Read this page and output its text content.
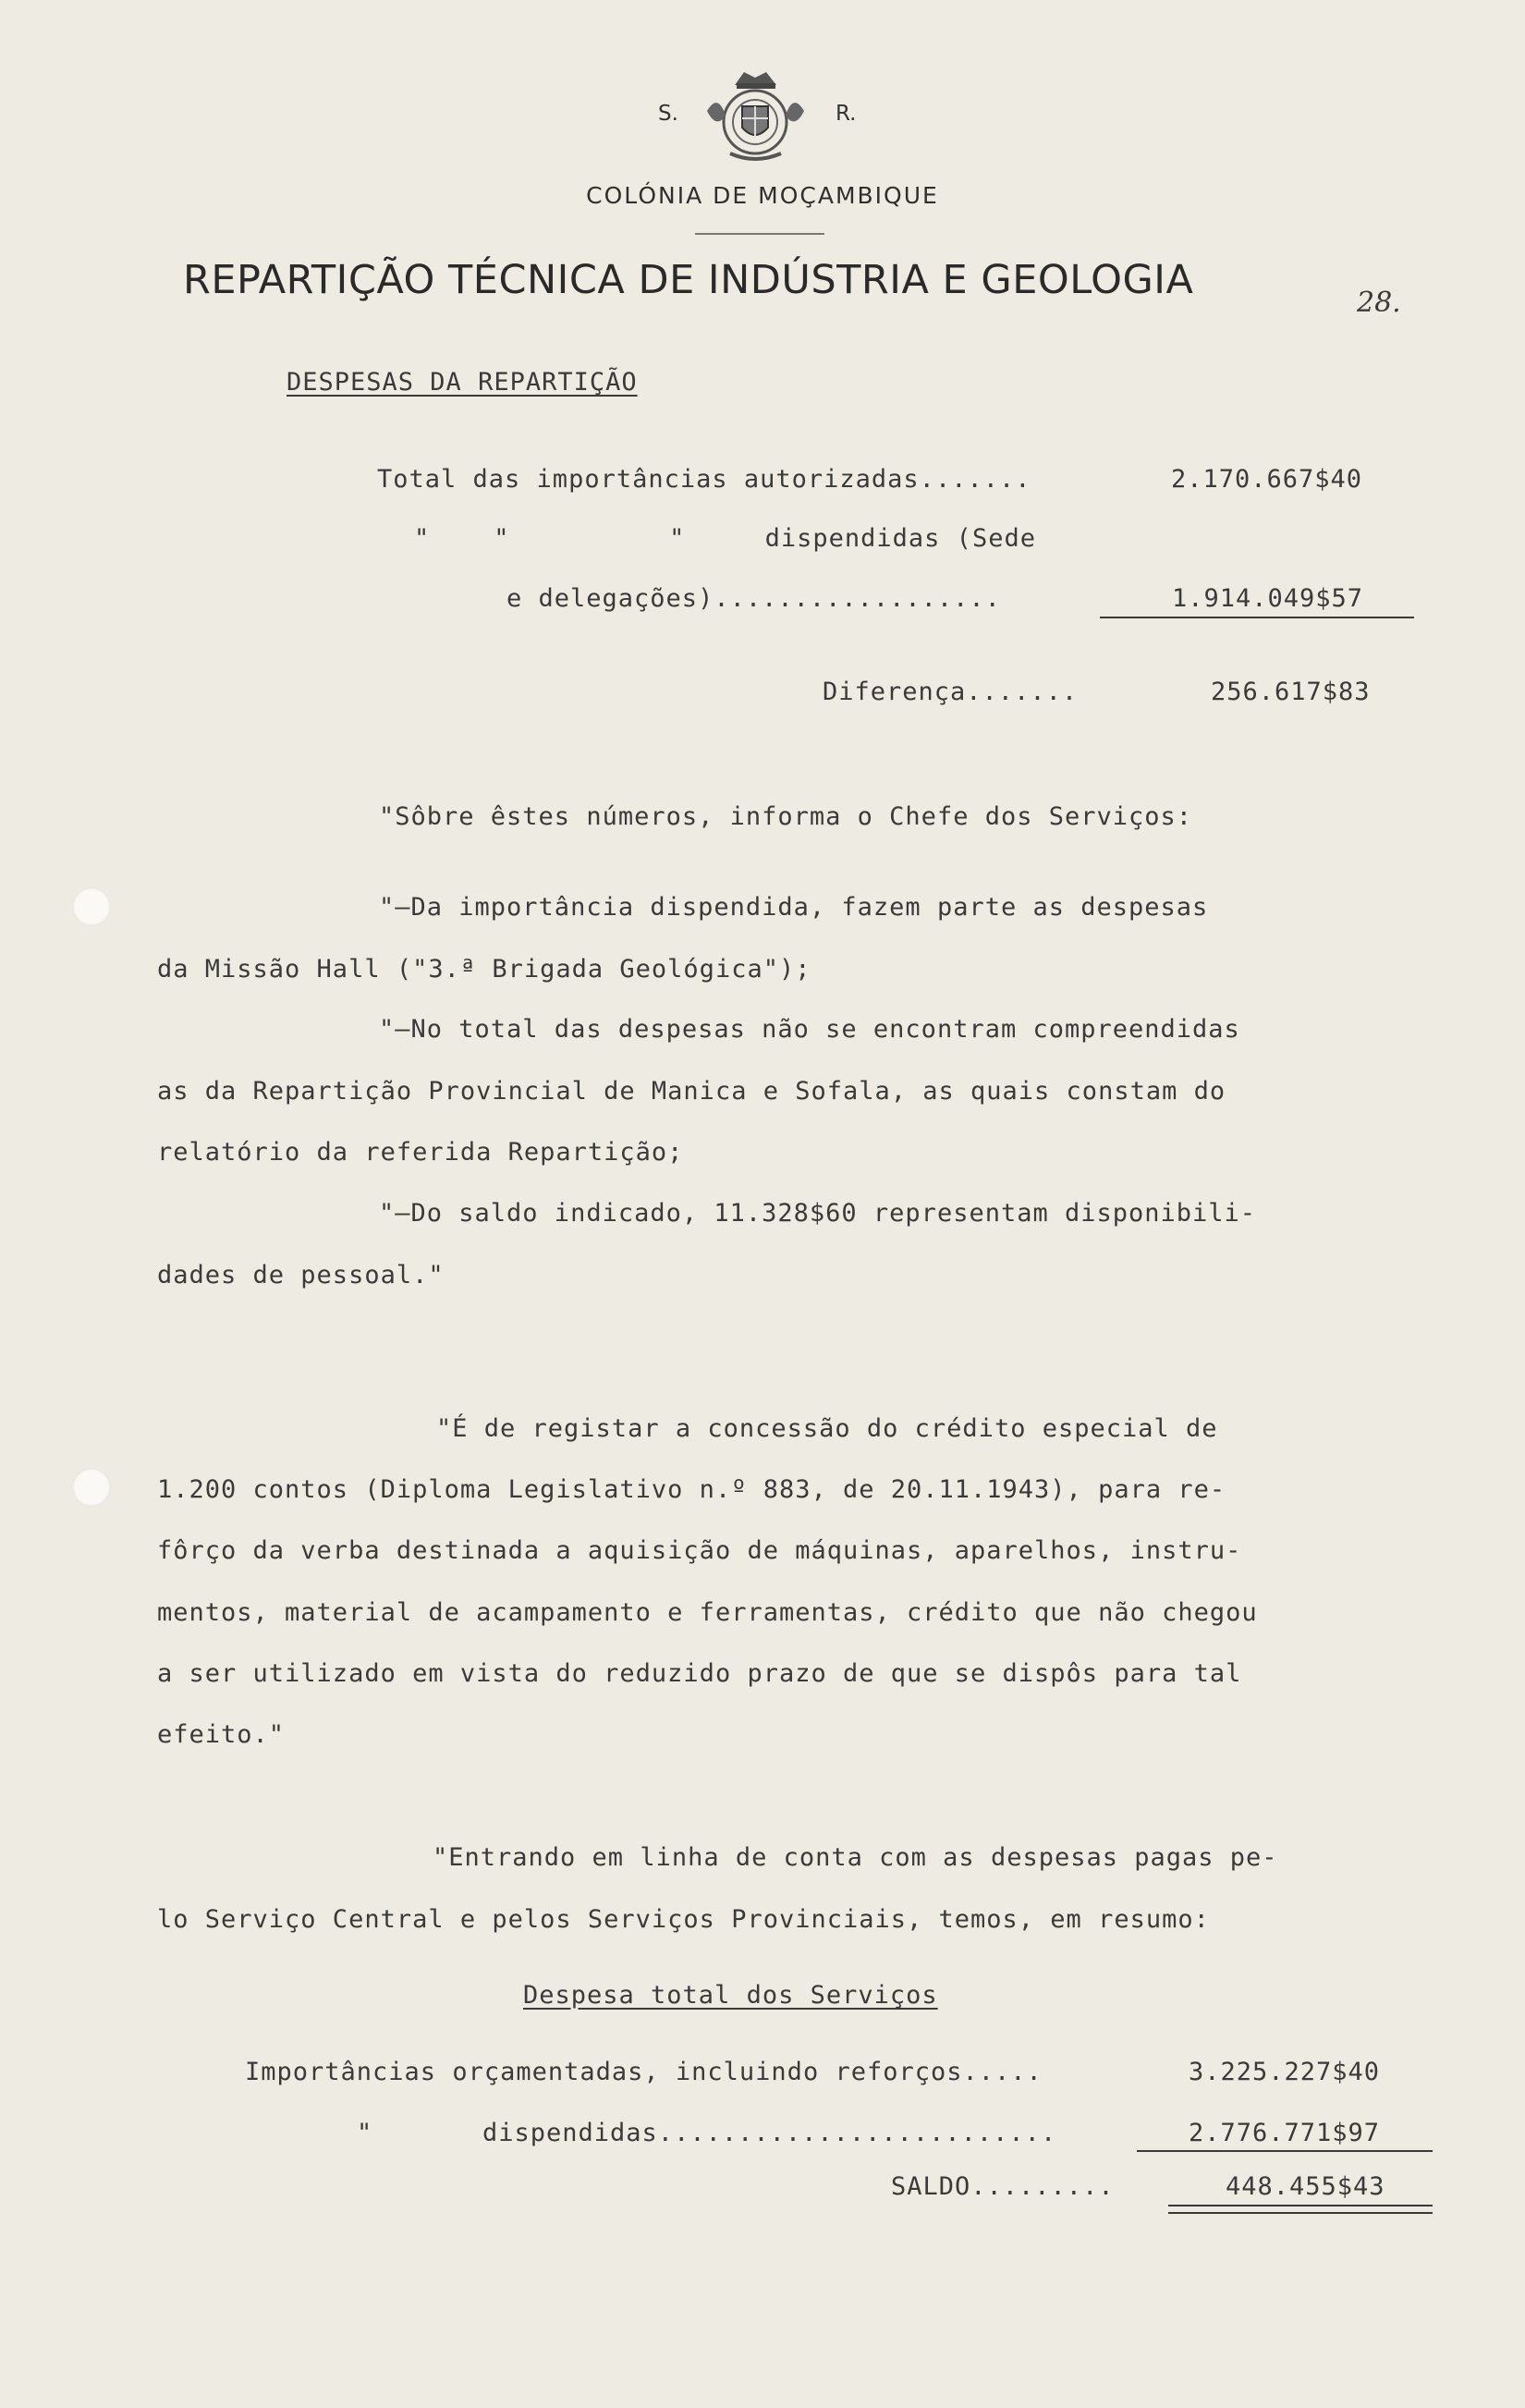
S.	R.
COLÓNIA DE MOÇAMBIQUE
REPARTIÇÃO TÉCNICA DE INDÚSTRIA E GEOLOGIA	28.
DESPESAS DA REPARTIÇÃO
Total das importâncias autorizadas.......	2.170.667$40
"    "          "     dispendidas (Sede
e delegações)..................	1.914.049$57
Diferença.......	256.617$83
"Sôbre êstes números, informa o Chefe dos Serviços:
"—Da importância dispendida, fazem parte as despesas
da Missão Hall ("3.ª Brigada Geológica");
"—No total das despesas não se encontram compreendidas
as da Repartição Provincial de Manica e Sofala, as quais constam do
relatório da referida Repartição;
"—Do saldo indicado, 11.328$60 representam disponibili-
dades de pessoal."
"É de registar a concessão do crédito especial de
1.200 contos (Diploma Legislativo n.º 883, de 20.11.1943), para re-
fôrço da verba destinada a aquisição de máquinas, aparelhos, instru-
mentos, material de acampamento e ferramentas, crédito que não chegou
a ser utilizado em vista do reduzido prazo de que se dispôs para tal
efeito."
"Entrando em linha de conta com as despesas pagas pe-
lo Serviço Central e pelos Serviços Provinciais, temos, em resumo:
Despesa total dos Serviços
Importâncias orçamentadas, incluindo reforços.....	3.225.227$40
"	dispendidas.........................	2.776.771$97
SALDO.........	448.455$43
